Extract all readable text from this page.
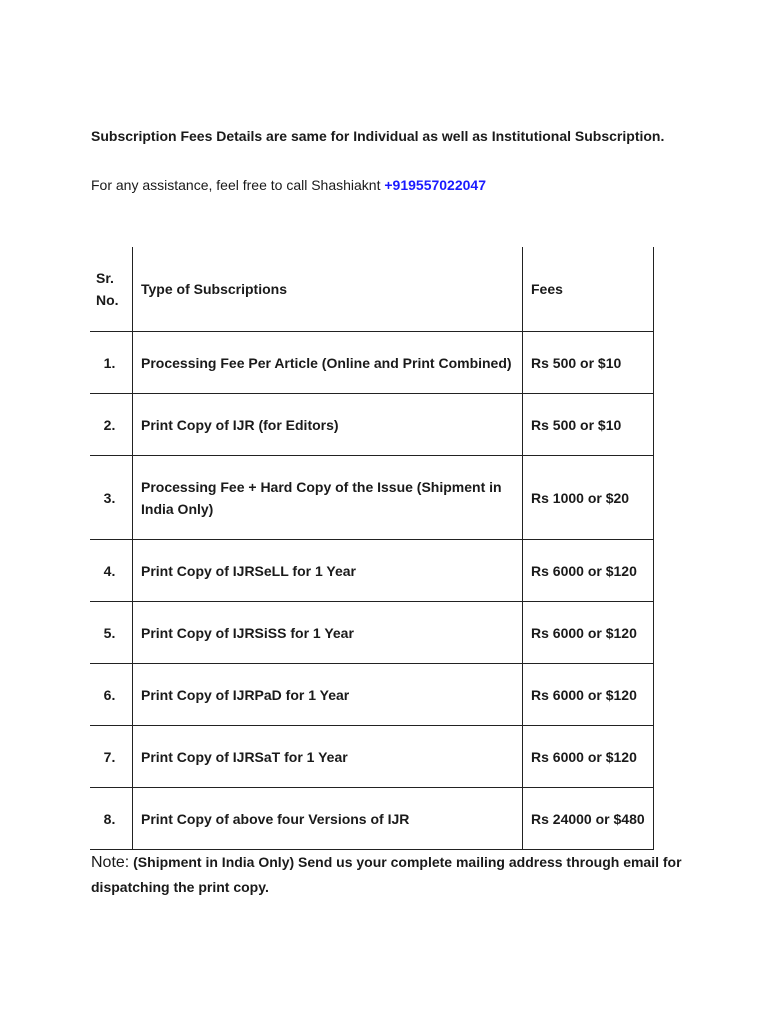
Subscription Fees Details are same for Individual as well as Institutional Subscription.

For any assistance, feel free to call Shashiaknt +919557022047

Sr. No.	Type of Subscriptions	Fees
1.	Processing Fee Per Article (Online and Print Combined)	Rs 500 or $10
2.	Print Copy of IJR (for Editors)	Rs 500 or $10
3.	Processing Fee + Hard Copy of the Issue (Shipment in India Only)	Rs 1000 or $20
4.	Print Copy of IJRSeLL for 1 Year	Rs 6000 or $120
5.	Print Copy of IJRSiSS for 1 Year	Rs 6000 or $120
6.	Print Copy of IJRPaD for 1 Year	Rs 6000 or $120
7.	Print Copy of IJRSaT for 1 Year	Rs 6000 or $120
8.	Print Copy of above four Versions of IJR	Rs 24000 or $480

Note: (Shipment in India Only) Send us your complete mailing address through email for dispatching the print copy.
